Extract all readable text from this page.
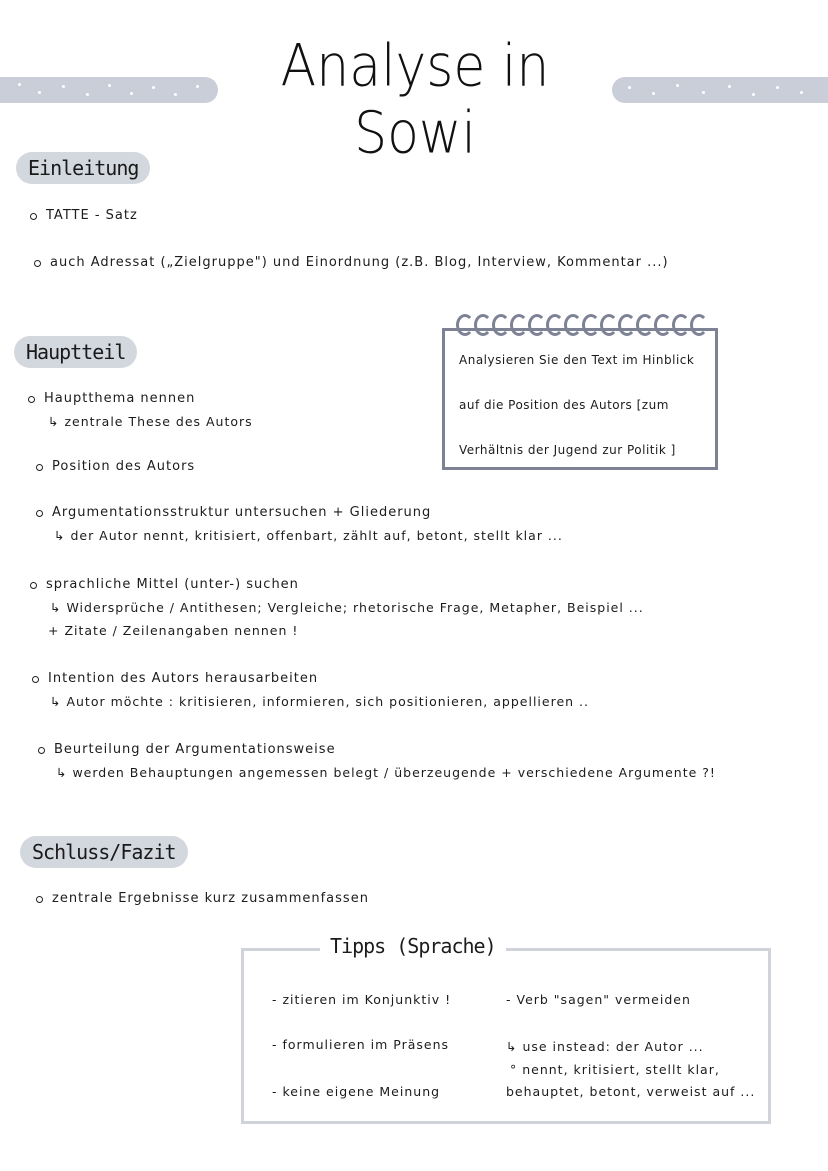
Analyse in Sowi
Einleitung
TATTE - Satz
auch Adressat („Zielgruppe") und Einordnung (z.B. Blog, Interview, Kommentar ...)
Hauptteil
Hauptthema nennen
↳ zentrale These des Autors
Position des Autors
Argumentationsstruktur untersuchen + Gliederung
↳ der Autor nennt, kritisiert, offenbart, zählt auf, betont, stellt klar ...
sprachliche Mittel (unter-) suchen
↳ Widersprüche / Antithesen; Vergleiche; rhetorische Frage, Metapher, Beispiel ...
+ Zitate / Zeilenangaben nennen !
Intention des Autors herausarbeiten
↳ Autor möchte : kritisieren, informieren, sich positionieren, appellieren ..
Beurteilung der Argumentationsweise
↳ werden Behauptungen angemessen belegt / überzeugende + verschiedene Argumente ?!
Analysieren Sie den Text im Hinblick
auf die Position des Autors [zum
Verhältnis der Jugend zur Politik ]
Schluss/Fazit
zentrale Ergebnisse kurz zusammenfassen
Tipps (Sprache)
- zitieren im Konjunktiv !
- formulieren im Präsens
- keine eigene Meinung
- Verb "sagen" vermeiden
↳ use instead: der Autor ...
° nennt, kritisiert, stellt klar,
behauptet, betont, verweist auf ...
